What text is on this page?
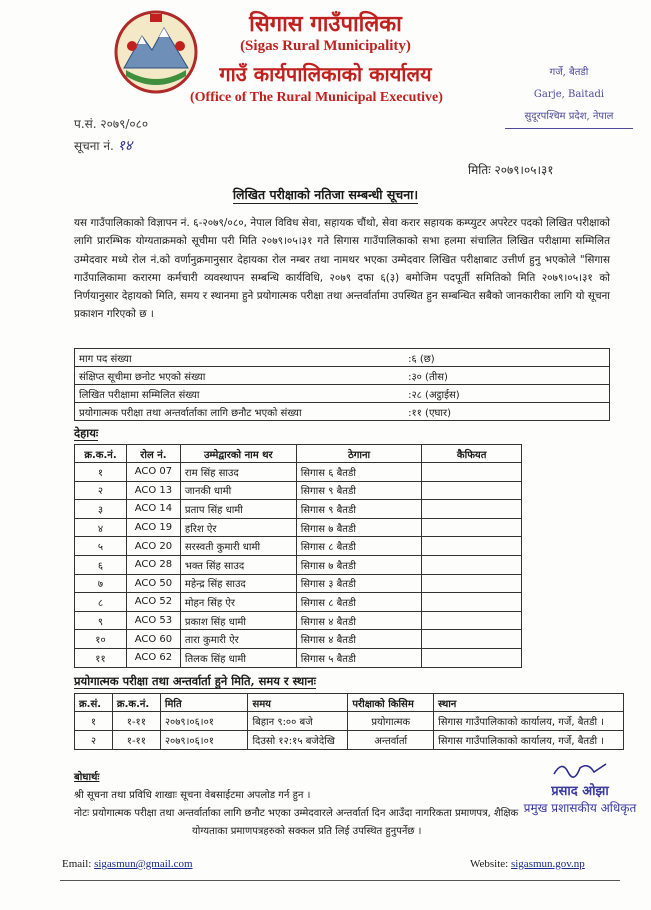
सिगास गाउँपालिका
(Sigas Rural Municipality)
गाउँ कार्यपालिकाको कार्यालय
(Office of The Rural Municipal Executive)
गर्जे, बैतडी
Garje, Baitadi
सुदूरपश्चिम प्रदेश, नेपाल
प.सं. २०७९/०८०
सूचना नं. १४
मितिः २०७९।०५।३१
लिखित परीक्षाको नतिजा सम्बन्धी सूचना।
यस गाउँपालिकाको विज्ञापन नं. ६-२०७९/०८०, नेपाल विविध सेवा, सहायक चौंथो, सेवा करार सहायक कम्प्युटर अपरेटर पदको लिखित परीक्षाको लागि प्रारम्भिक योग्यताक्रमको सूचीमा परी मिति २०७९।०५।३१ गते सिगास गाउँपालिकाको सभा हलमा संचालित लिखित परीक्षामा सम्मिलित उम्मेदवार मध्ये रोल नं.को वर्णानुक्रमानुसार देहायका रोल नम्बर तथा नामथर भएका उम्मेदवार लिखित परीक्षाबाट उत्तीर्ण हुनु भएकोले "सिगास गाउँपालिकामा करारमा कर्मचारी व्यवस्थापन सम्बन्धि कार्यविधि, २०७९ दफा ६(३) बमोजिम पदपूर्ती समितिको मिति २०७९।०५।३१ को निर्णयानुसार देहायको मिति, समय र स्थानमा हुने प्रयोगात्मक परीक्षा तथा अन्तर्वार्तामा उपस्थित हुन सम्बन्धित सबैको जानकारीका लागि यो सूचना प्रकाशन गरिएको छ ।
माग पद संख्या	:६ (छ)
संक्षिप्त सूचीमा छनोट भएको संख्या	:३० (तीस)
लिखित परीक्षामा सम्मिलित संख्या	:२८ (अट्ठाईस)
प्रयोगात्मक परीक्षा तथा अन्तर्वार्ताका लागि छनौट भएको संख्या	:११ (एघार)
देहायः
क्र.क.नं.	रोल नं.	उम्मेद्वारको नाम थर	ठेगाना	कैफियत
१	ACO 07	राम सिंह साउद	सिगास ६ बैतडी	
२	ACO 13	जानकी धामी	सिगास ९ बैतडी	
३	ACO 14	प्रताप सिंह धामी	सिगास ९ बैतडी	
४	ACO 19	हरिश ऐर	सिगास ७ बैतडी	
५	ACO 20	सरस्वती कुमारी धामी	सिगास ८ बैतडी	
६	ACO 28	भक्त सिंह साउद	सिगास ७ बैतडी	
७	ACO 50	महेन्द्र सिंह साउद	सिगास ३ बैतडी	
८	ACO 52	मोहन सिंह ऐर	सिगास ८ बैतडी	
९	ACO 53	प्रकाश सिंह धामी	सिगास ४ बैतडी	
१०	ACO 60	तारा कुमारी ऐर	सिगास ४ बैतडी	
११	ACO 62	तिलक सिंह धामी	सिगास ५ बैतडी	
प्रयोगात्मक परीक्षा तथा अन्तर्वार्ता हुने मिति, समय र स्थानः
क्र.सं.	क्र.क.नं.	मिति	समय	परीक्षाको किसिम	स्थान
१	१-११	२०७९।०६।०१	बिहान ९:०० बजे	प्रयोगात्मक	सिगास गाउँपालिकाको कार्यालय, गर्जे, बैतडी ।
२	१-११	२०७९।०६।०१	दिउसो १२:१५ बजेदेखि	अन्तर्वार्ता	सिगास गाउँपालिकाको कार्यालय, गर्जे, बैतडी ।
बोधार्थः
श्री सूचना तथा प्रविधि शाखाः सूचना वेबसाईटमा अपलोड गर्न हुन ।
नोटः प्रयोगात्मक परीक्षा तथा अन्तर्वार्ताका लागि छनौट भएका उम्मेदवारले अन्तर्वार्ता दिन आउँदा नागरिकता प्रमाणपत्र, शैक्षिक
योग्यताका प्रमाणपत्रहरुको सक्कल प्रति लिई उपस्थित हुनुपर्नेछ ।
प्रसाद ओझा
प्रमुख प्रशासकीय अधिकृत
Email: sigasmun@gmail.com	Website: sigasmun.gov.np
